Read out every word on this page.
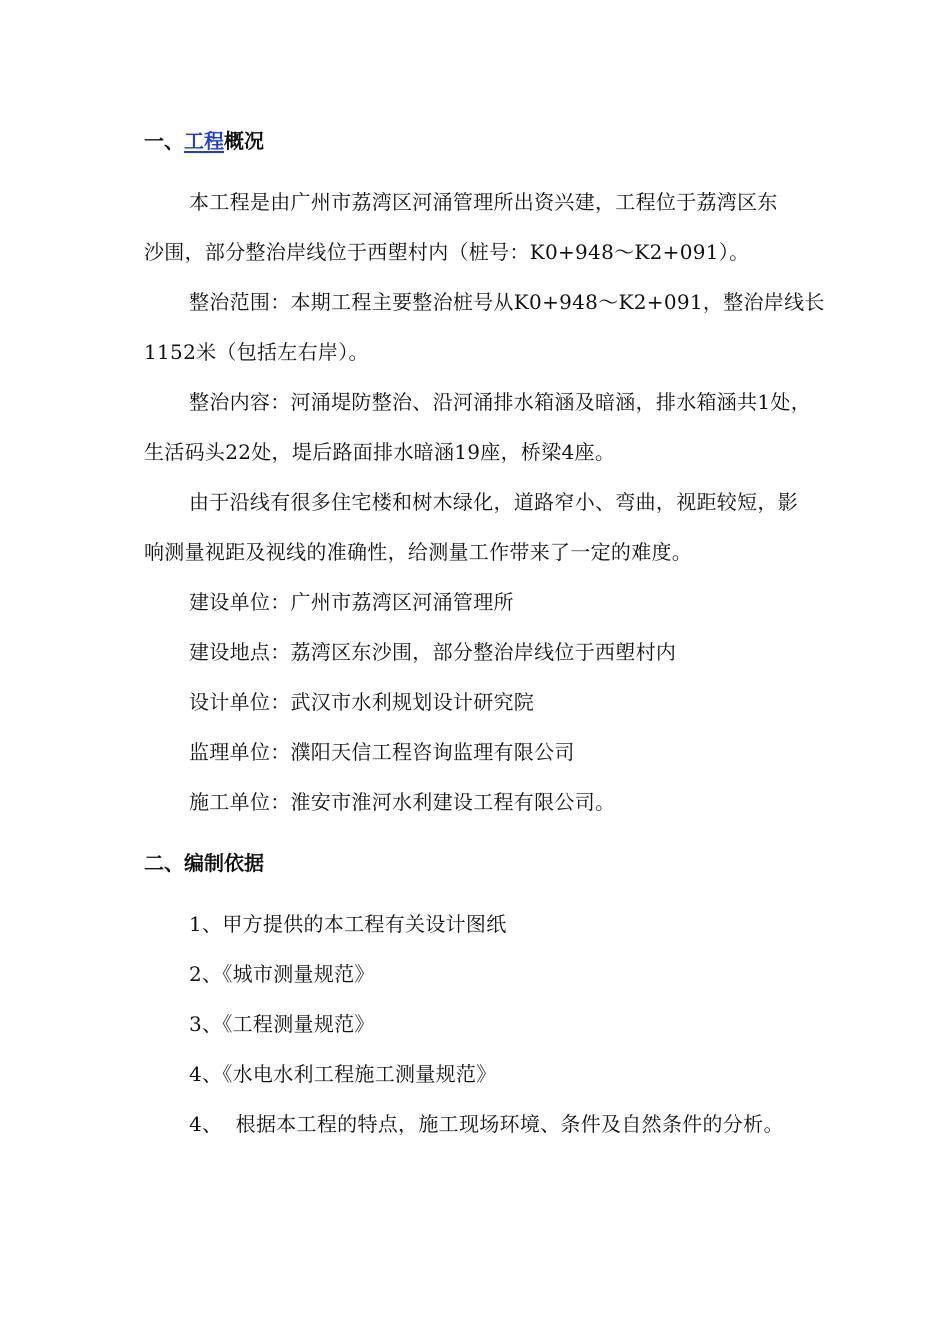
一、工程概况
本工程是由广州市荔湾区河涌管理所出资兴建，工程位于荔湾区东
沙围，部分整治岸线位于西塱村内（桩号：K0+948～K2+091）。
整治范围：本期工程主要整治桩号从K0+948～K2+091，整治岸线长
1152米（包括左右岸）。
整治内容：河涌堤防整治、沿河涌排水箱涵及暗涵，排水箱涵共1处，
生活码头22处，堤后路面排水暗涵19座，桥梁4座。
由于沿线有很多住宅楼和树木绿化，道路窄小、弯曲，视距较短，影
响测量视距及视线的准确性，给测量工作带来了一定的难度。
建设单位：广州市荔湾区河涌管理所
建设地点：荔湾区东沙围，部分整治岸线位于西塱村内
设计单位：武汉市水利规划设计研究院
监理单位：濮阳天信工程咨询监理有限公司
施工单位：淮安市淮河水利建设工程有限公司。
二、编制依据
1、甲方提供的本工程有关设计图纸
2、《城市测量规范》
3、《工程测量规范》
4、《水电水利工程施工测量规范》
4、  根据本工程的特点，施工现场环境、条件及自然条件的分析。
